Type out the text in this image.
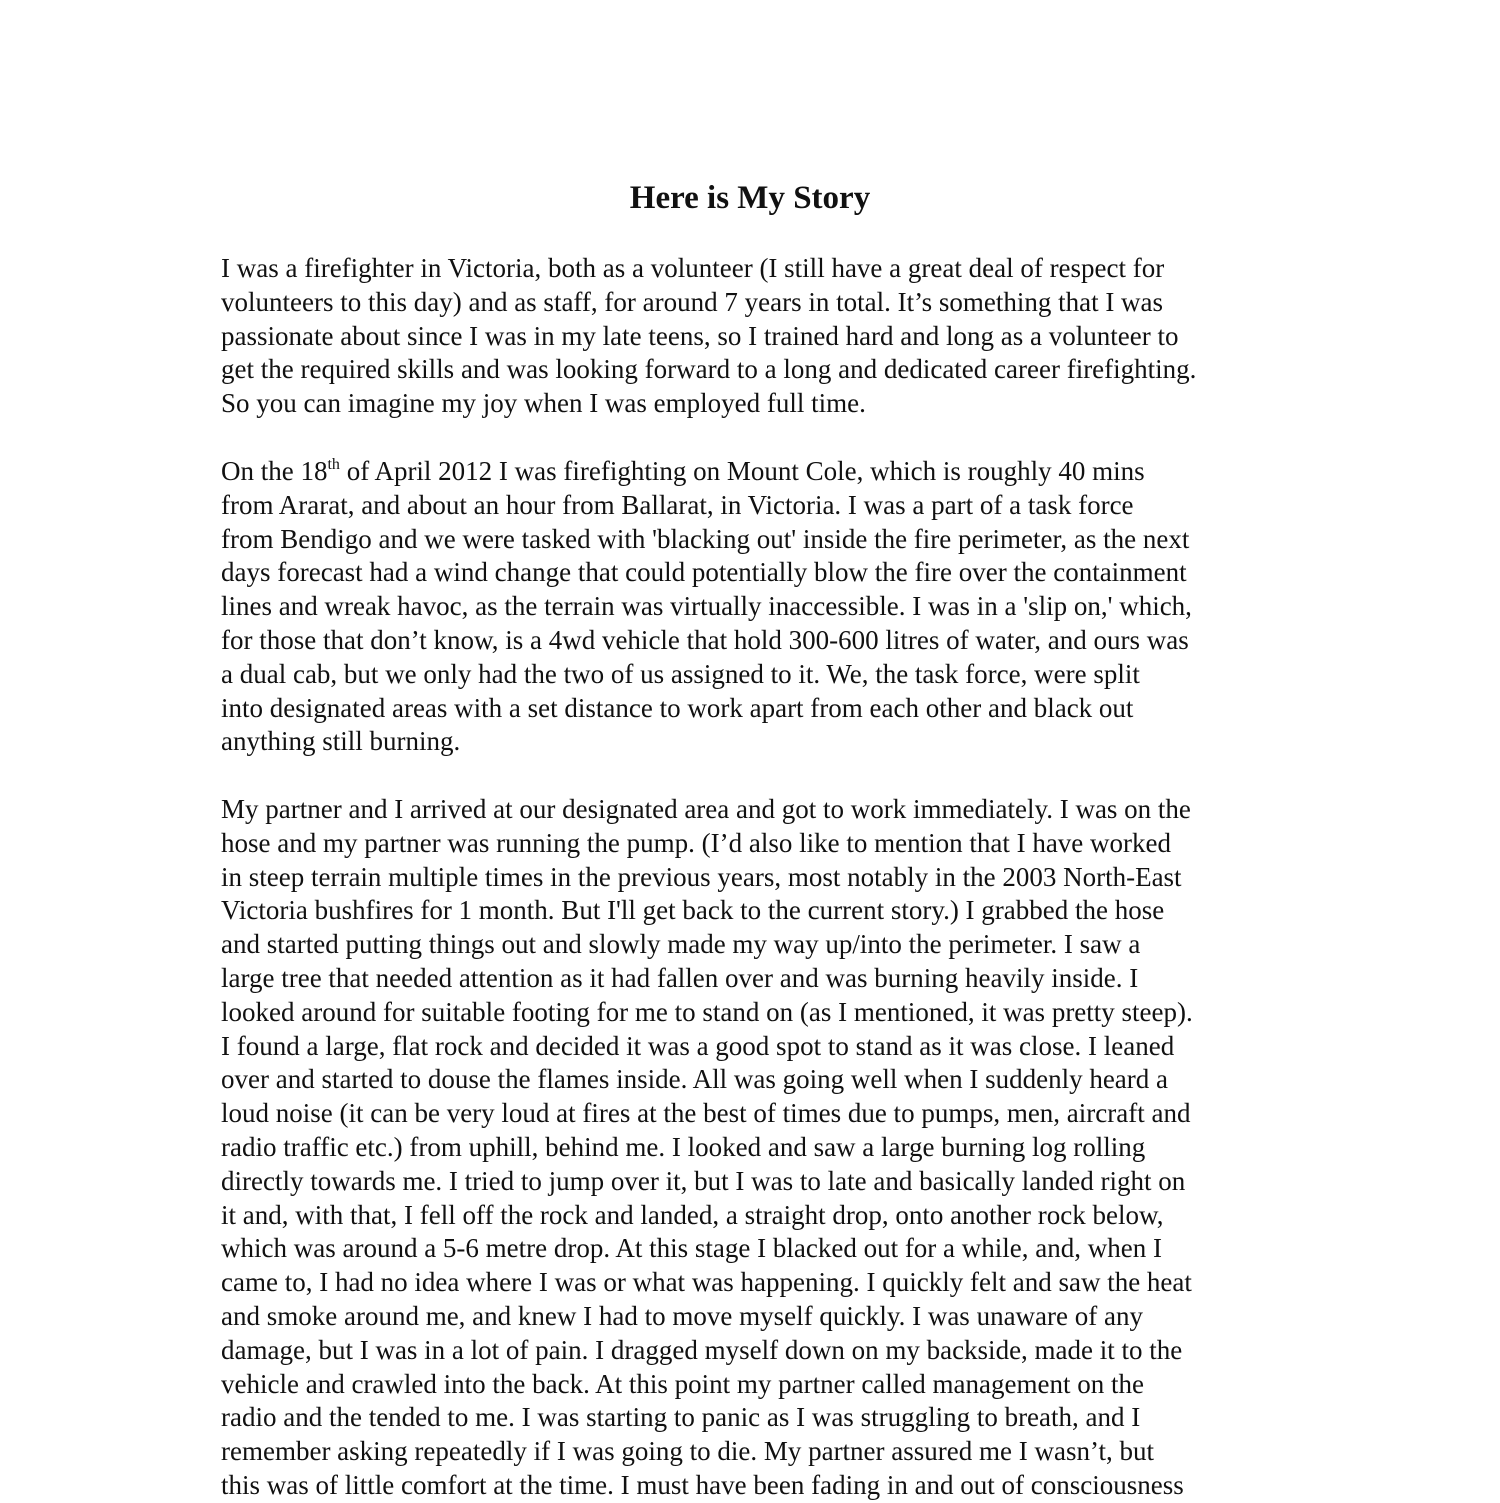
Here is My Story
I was a firefighter in Victoria, both as a volunteer (I still have a great deal of respect for
volunteers to this day) and as staff, for around 7 years in total. It’s something that I was
passionate about since I was in my late teens, so I trained hard and long as a volunteer to
get the required skills and was looking forward to a long and dedicated career firefighting.
So you can imagine my joy when I was employed full time.
On the 18th of April 2012 I was firefighting on Mount Cole, which is roughly 40 mins
from Ararat, and about an hour from Ballarat, in Victoria. I was a part of a task force
from Bendigo and we were tasked with 'blacking out' inside the fire perimeter, as the next
days forecast had a wind change that could potentially blow the fire over the containment
lines and wreak havoc, as the terrain was virtually inaccessible. I was in a 'slip on,' which,
for those that don’t know, is a 4wd vehicle that hold 300-600 litres of water, and ours was
a dual cab, but we only had the two of us assigned to it. We, the task force, were split
into designated areas with a set distance to work apart from each other and black out
anything still burning.
My partner and I arrived at our designated area and got to work immediately. I was on the
hose and my partner was running the pump. (I’d also like to mention that I have worked
in steep terrain multiple times in the previous years, most notably in the 2003 North-East
Victoria bushfires for 1 month. But I'll get back to the current story.) I grabbed the hose
and started putting things out and slowly made my way up/into the perimeter. I saw a
large tree that needed attention as it had fallen over and was burning heavily inside. I
looked around for suitable footing for me to stand on (as I mentioned, it was pretty steep).
I found a large, flat rock and decided it was a good spot to stand as it was close. I leaned
over and started to douse the flames inside. All was going well when I suddenly heard a
loud noise (it can be very loud at fires at the best of times due to pumps, men, aircraft and
radio traffic etc.) from uphill, behind me. I looked and saw a large burning log rolling
directly towards me. I tried to jump over it, but I was to late and basically landed right on
it and, with that, I fell off the rock and landed, a straight drop, onto another rock below,
which was around a 5-6 metre drop. At this stage I blacked out for a while, and, when I
came to, I had no idea where I was or what was happening. I quickly felt and saw the heat
and smoke around me, and knew I had to move myself quickly. I was unaware of any
damage, but I was in a lot of pain. I dragged myself down on my backside, made it to the
vehicle and crawled into the back. At this point my partner called management on the
radio and the tended to me. I was starting to panic as I was struggling to breath, and I
remember asking repeatedly if I was going to die. My partner assured me I wasn’t, but
this was of little comfort at the time. I must have been fading in and out of consciousness
